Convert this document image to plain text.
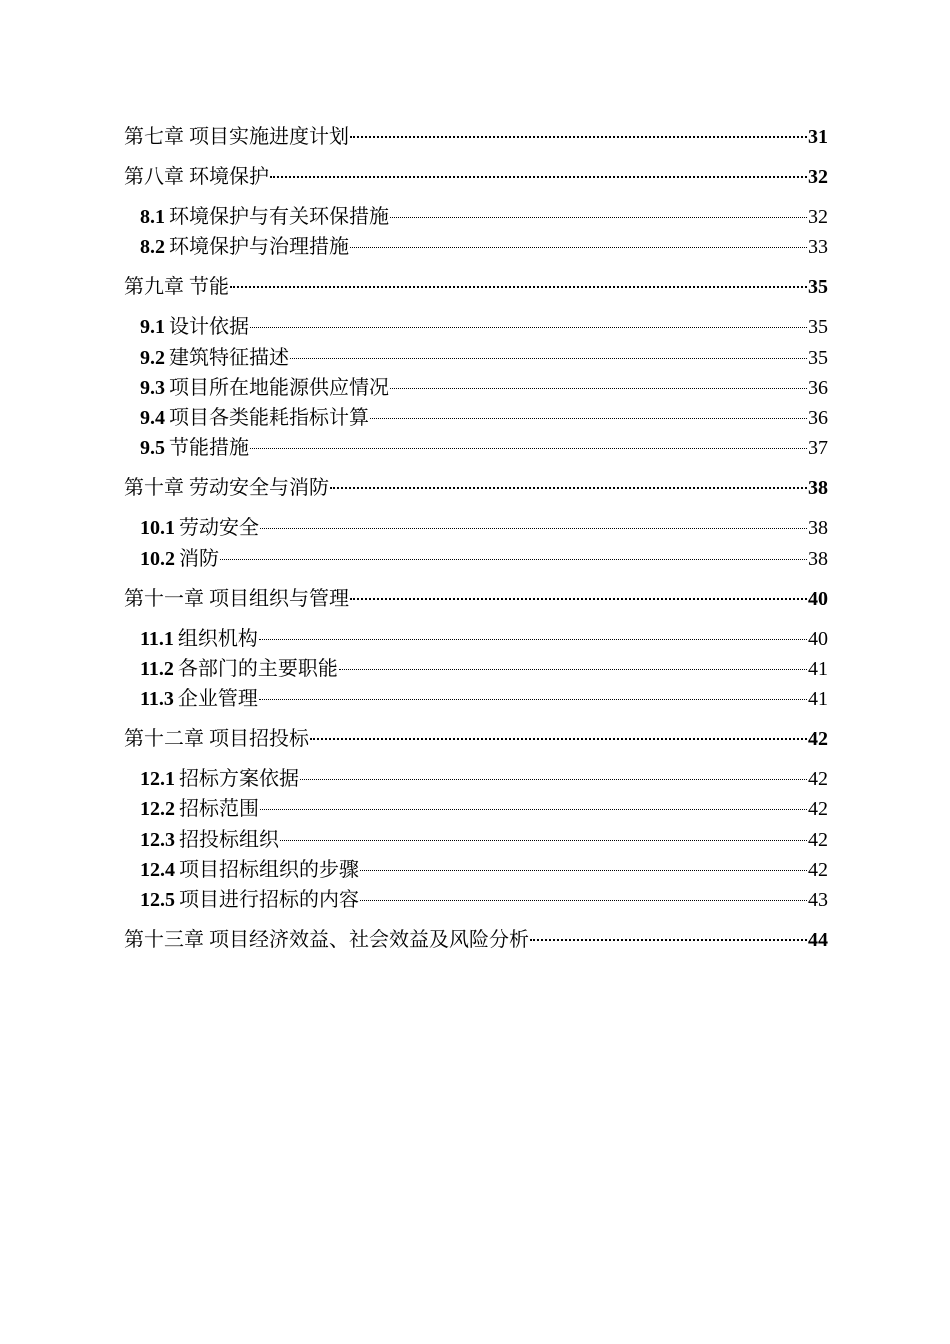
第七章 项目实施进度计划	31
第八章 环境保护	32
8.1 环境保护与有关环保措施	32
8.2 环境保护与治理措施	33
第九章 节能	35
9.1 设计依据	35
9.2 建筑特征描述	35
9.3 项目所在地能源供应情况	36
9.4 项目各类能耗指标计算	36
9.5 节能措施	37
第十章 劳动安全与消防	38
10.1 劳动安全	38
10.2 消防	38
第十一章 项目组织与管理	40
11.1 组织机构	40
11.2 各部门的主要职能	41
11.3 企业管理	41
第十二章 项目招投标	42
12.1 招标方案依据	42
12.2 招标范围	42
12.3 招投标组织	42
12.4 项目招标组织的步骤	42
12.5 项目进行招标的内容	43
第十三章 项目经济效益、社会效益及风险分析	44
